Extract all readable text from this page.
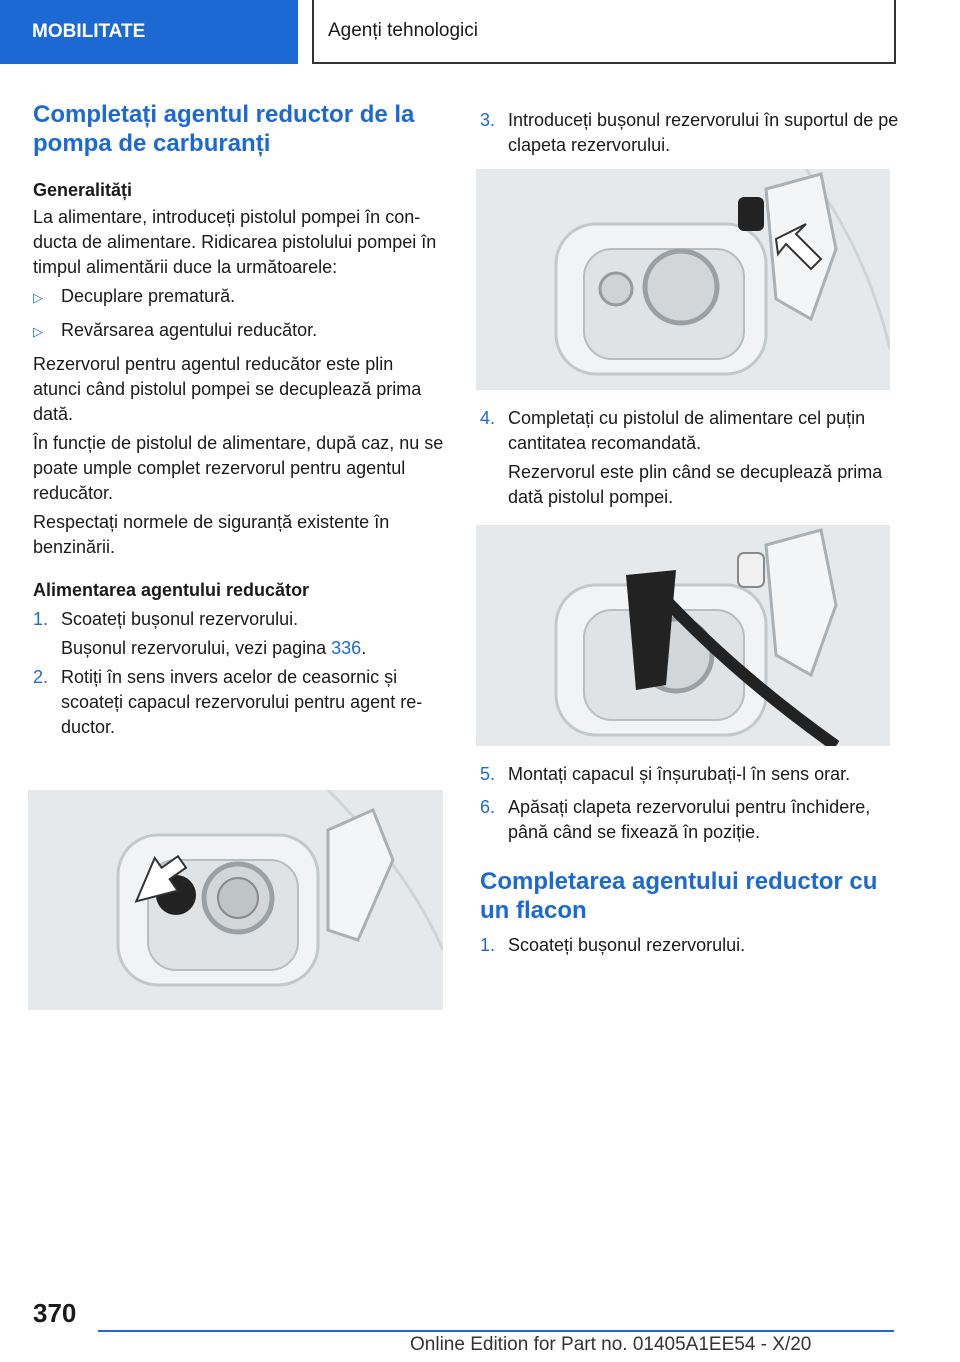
MOBILITATE	Agenți tehnologici
Completați agentul reductor de la pompa de carburanți
Generalități

La alimentare, introduceți pistolul pompei în conducta de alimentare. Ridicarea pistolului pompei în timpul alimentării duce la următoarele:

▷	Decuplare prematură.
▷	Revărsarea agentului reducător.

Rezervorul pentru agentul reducător este plin atunci când pistolul pompei se decuplează prima dată.

În funcție de pistolul de alimentare, după caz, nu se poate umple complet rezervorul pentru agentul reducător.

Respectați normele de siguranță existente în benzinării.

Alimentarea agentului reducător
1. Scoateți bușonul rezervorului.
Bușonul rezervorului, vezi pagina 336.
2. Rotiți în sens invers acelor de ceasornic și scoateți capacul rezervorului pentru agent reductor.
3. Introduceți bușonul rezervorului în suportul de pe clapeta rezervorului.
4. Completați cu pistolul de alimentare cel puțin cantitatea recomandată.
Rezervorul este plin când se decuplează prima dată pistolul pompei.
5. Montați capacul și înșurubați-l în sens orar.
6. Apăsați clapeta rezervorului pentru închidere, până când se fixează în poziție.
Completarea agentului reductor cu un flacon
1. Scoateți bușonul rezervorului.
370
Online Edition for Part no. 01405A1EE54 - X/20
